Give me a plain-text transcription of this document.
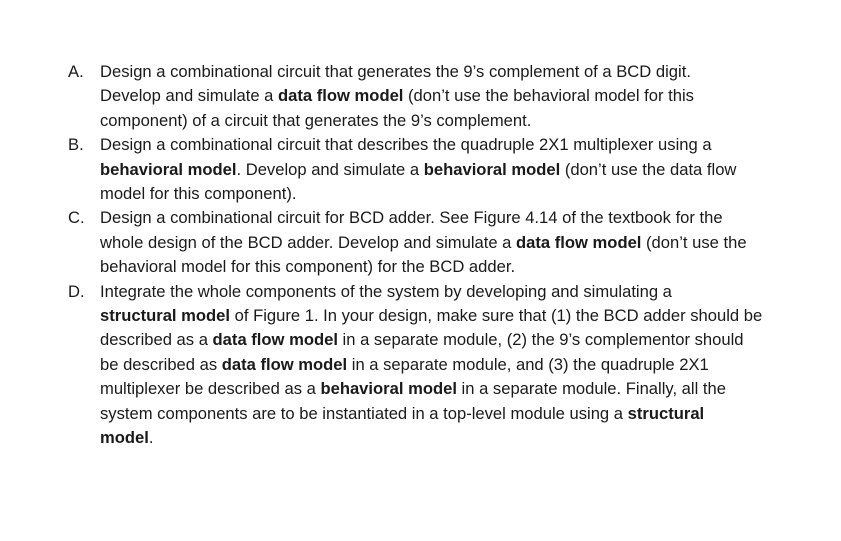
A. Design a combinational circuit that generates the 9’s complement of a BCD digit.
Develop and simulate a data flow model (don’t use the behavioral model for this
component) of a circuit that generates the 9’s complement.
B. Design a combinational circuit that describes the quadruple 2X1 multiplexer using a
behavioral model. Develop and simulate a behavioral model (don’t use the data flow
model for this component).
C. Design a combinational circuit for BCD adder. See Figure 4.14 of the textbook for the
whole design of the BCD adder. Develop and simulate a data flow model (don’t use the
behavioral model for this component) for the BCD adder.
D. Integrate the whole components of the system by developing and simulating a
structural model of Figure 1. In your design, make sure that (1) the BCD adder should be
described as a data flow model in a separate module, (2) the 9’s complementor should
be described as data flow model in a separate module, and (3) the quadruple 2X1
multiplexer be described as a behavioral model in a separate module. Finally, all the
system components are to be instantiated in a top-level module using a structural
model.
